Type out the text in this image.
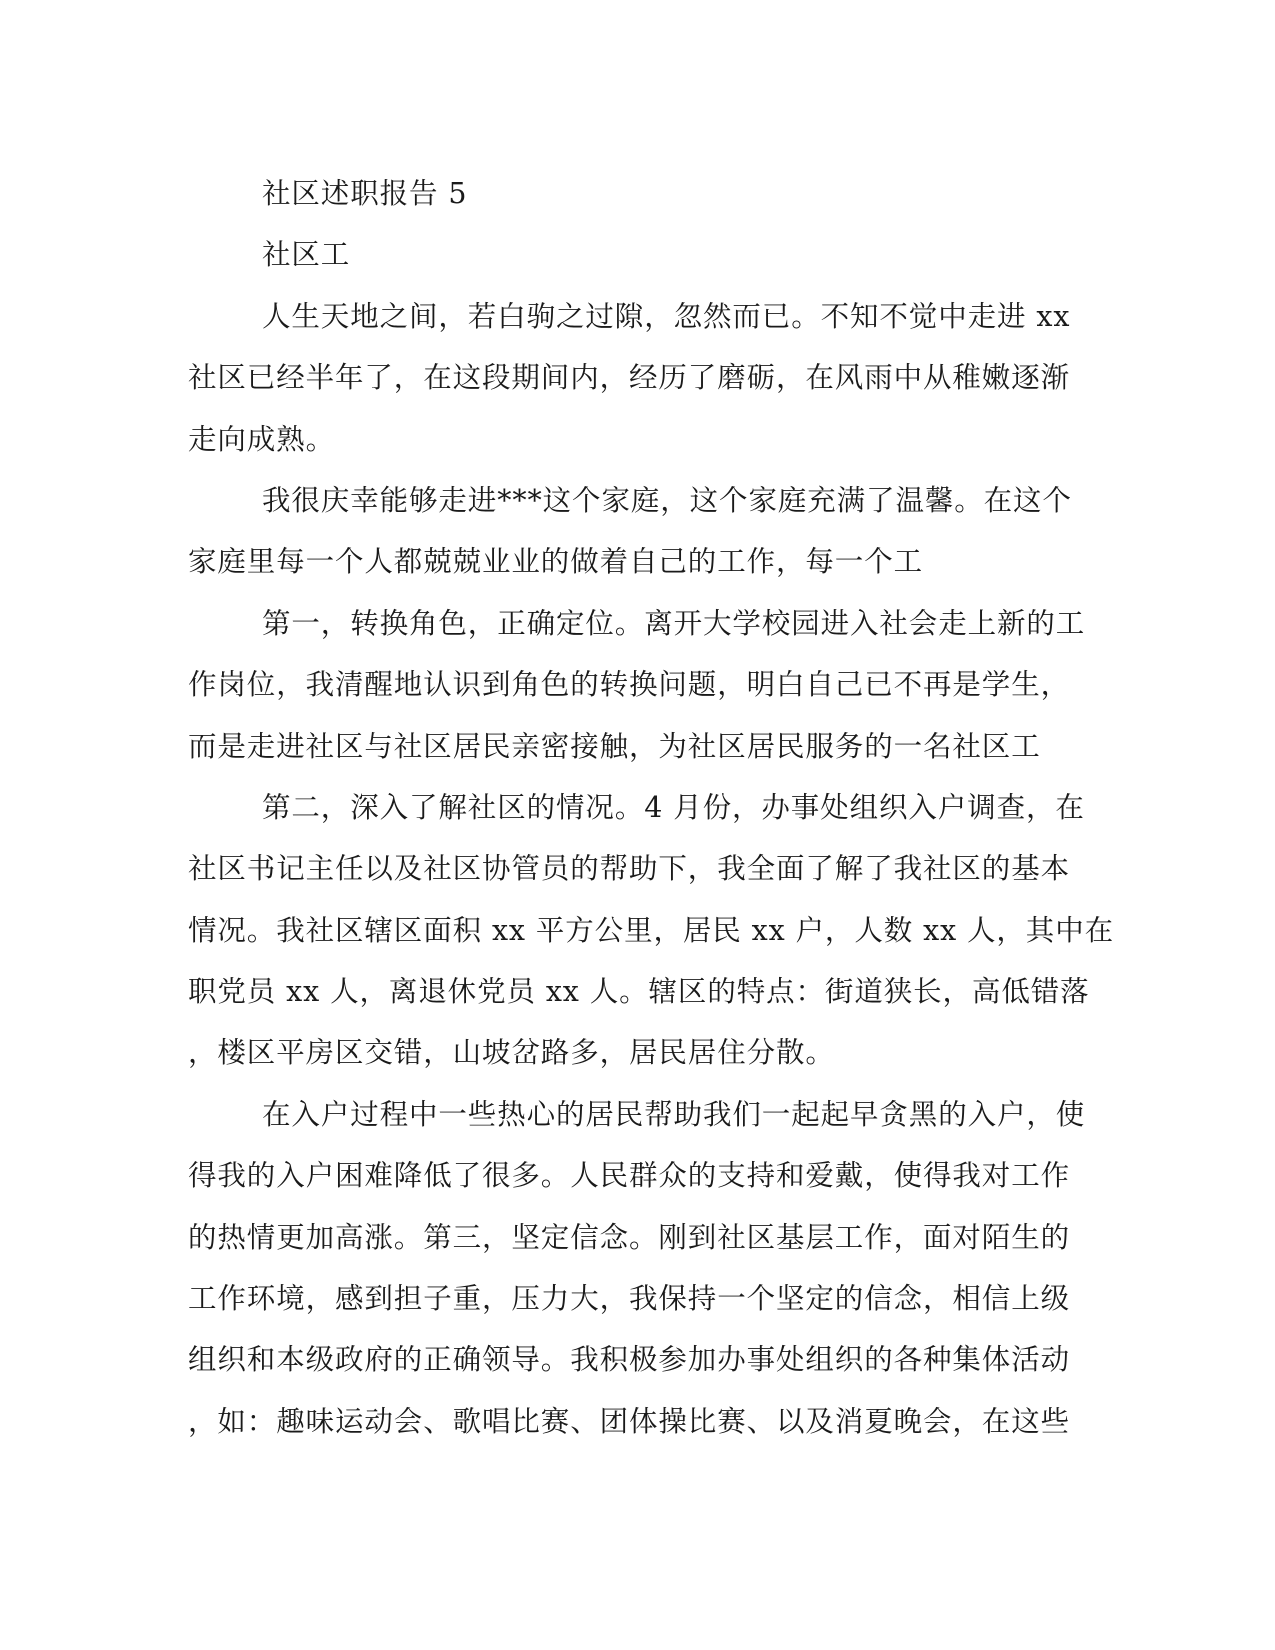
社区述职报告 5
社区工
人生天地之间，若白驹之过隙，忽然而已。不知不觉中走进 xx
社区已经半年了，在这段期间内，经历了磨砺，在风雨中从稚嫩逐渐
走向成熟。
我很庆幸能够走进***这个家庭，这个家庭充满了温馨。在这个
家庭里每一个人都兢兢业业的做着自己的工作，每一个工
第一，转换角色，正确定位。离开大学校园进入社会走上新的工
作岗位，我清醒地认识到角色的转换问题，明白自己已不再是学生，
而是走进社区与社区居民亲密接触，为社区居民服务的一名社区工
第二，深入了解社区的情况。4 月份，办事处组织入户调查，在
社区书记主任以及社区协管员的帮助下，我全面了解了我社区的基本
情况。我社区辖区面积 xx 平方公里，居民 xx 户，人数 xx 人，其中在
职党员 xx 人，离退休党员 xx 人。辖区的特点：街道狭长，高低错落
，楼区平房区交错，山坡岔路多，居民居住分散。
在入户过程中一些热心的居民帮助我们一起起早贪黑的入户，使
得我的入户困难降低了很多。人民群众的支持和爱戴，使得我对工作
的热情更加高涨。第三，坚定信念。刚到社区基层工作，面对陌生的
工作环境，感到担子重，压力大，我保持一个坚定的信念，相信上级
组织和本级政府的正确领导。我积极参加办事处组织的各种集体活动
，如：趣味运动会、歌唱比赛、团体操比赛、以及消夏晚会，在这些
